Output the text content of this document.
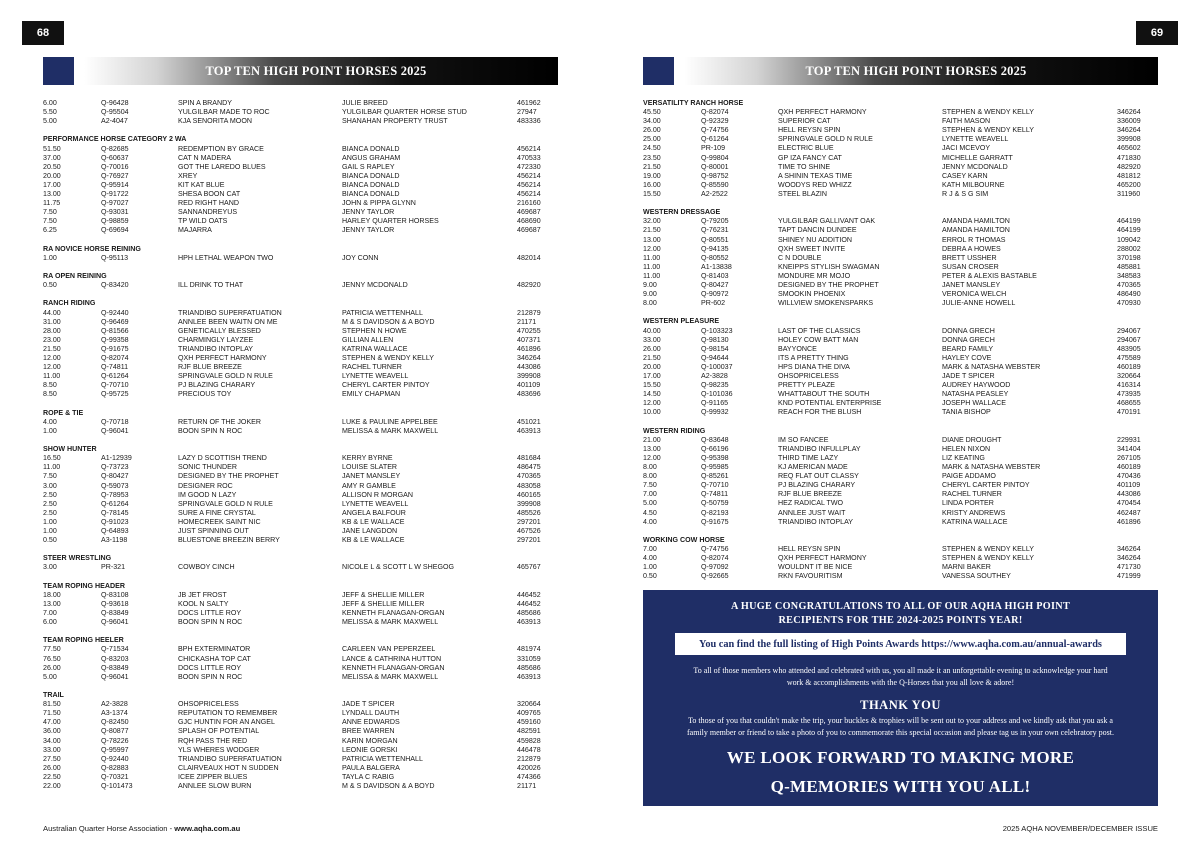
68
TOP TEN HIGH POINT HORSES 2025
6.00	Q-96428	SPIN A BRANDY	JULIE BREED	461962
5.50	Q-95504	YULGILBAR MADE TO ROC	YULGILBAR QUARTER HORSE STUD	27947
5.00	A2-4047	KJA SENORITA MOON	SHANAHAN PROPERTY TRUST	483336
PERFORMANCE HORSE CATEGORY 2 WA
51.50	Q-82685	REDEMPTION BY GRACE	BIANCA DONALD	456214
37.00	Q-60637	CAT N MADERA	ANGUS GRAHAM	470533
20.50	Q-70016	GOT THE LAREDO BLUES	GAIL S RAPLEY	472330
20.00	Q-76927	XREY	BIANCA DONALD	456214
17.00	Q-95914	KIT KAT BLUE	BIANCA DONALD	456214
13.00	Q-91722	SHESA BOON CAT	BIANCA DONALD	456214
11.75	Q-97027	RED RIGHT HAND	JOHN & PIPPA GLYNN	216160
7.50	Q-93031	SANNANDREYUS	JENNY TAYLOR	469687
7.50	Q-98859	TP WILD OATS	HARLEY QUARTER HORSES	468690
6.25	Q-69694	MAJARRA	JENNY TAYLOR	469687
RA NOVICE HORSE REINING
1.00	Q-95113	HPH LETHAL WEAPON TWO	JOY CONN	482014
RA OPEN REINING
0.50	Q-83420	ILL DRINK TO THAT	JENNY MCDONALD	482920
RANCH RIDING
44.00	Q-92440	TRIANDIBO SUPERFATUATION	PATRICIA WETTENHALL	212879
31.00	Q-96469	ANNLEE BEEN WAITN ON ME	M & S DAVIDSON & A BOYD	21171
28.00	Q-81566	GENETICALLY BLESSED	STEPHEN N HOWE	470255
23.00	Q-99358	CHARMINGLY LAYZEE	GILLIAN ALLEN	407371
21.50	Q-91675	TRIANDIBO INTOPLAY	KATRINA WALLACE	461896
12.00	Q-82074	QXH PERFECT HARMONY	STEPHEN & WENDY KELLY	346264
12.00	Q-74811	RJF BLUE BREEZE	RACHEL TURNER	443086
11.00	Q-61264	SPRINGVALE GOLD N RULE	LYNETTE WEAVELL	399908
8.50	Q-70710	PJ BLAZING CHARARY	CHERYL CARTER PINTOY	401109
8.50	Q-95725	PRECIOUS TOY	EMILY CHAPMAN	483696
ROPE & TIE
4.00	Q-70718	RETURN OF THE JOKER	LUKE & PAULINE APPELBEE	451021
1.00	Q-96041	BOON SPIN N ROC	MELISSA & MARK MAXWELL	463913
SHOW HUNTER
16.50	A1-12939	LAZY D SCOTTISH TREND	KERRY BYRNE	481684
11.00	Q-73723	SONIC THUNDER	LOUISE SLATER	486475
7.50	Q-80427	DESIGNED BY THE PROPHET	JANET MANSLEY	470365
3.00	Q-59073	DESIGNER ROC	AMY R GAMBLE	483058
2.50	Q-78953	IM GOOD N LAZY	ALLISON R MORGAN	460165
2.50	Q-61264	SPRINGVALE GOLD N RULE	LYNETTE WEAVELL	399908
2.50	Q-78145	SURE A FINE CRYSTAL	ANGELA BALFOUR	485526
1.00	Q-91023	HOMECREEK SAINT NIC	KB & LE WALLACE	297201
1.00	Q-64893	JUST SPINNING OUT	JANE LANGDON	467526
0.50	A3-1198	BLUESTONE BREEZIN BERRY	KB & LE WALLACE	297201
STEER WRESTLING
3.00	PR-321	COWBOY CINCH	NICOLE L & SCOTT L W SHEGOG	465767
TEAM ROPING HEADER
18.00	Q-83108	JB JET FROST	JEFF & SHELLIE MILLER	446452
13.00	Q-93618	KOOL N SALTY	JEFF & SHELLIE MILLER	446452
7.00	Q-83849	DOCS LITTLE ROY	KENNETH FLANAGAN-ORGAN	485686
6.00	Q-96041	BOON SPIN N ROC	MELISSA & MARK MAXWELL	463913
TEAM ROPING HEELER
77.50	Q-71534	BPH EXTERMINATOR	CARLEEN VAN PEPERZEEL	481974
76.50	Q-83203	CHICKASHA TOP CAT	LANCE & CATHRINA HUTTON	331059
26.00	Q-83849	DOCS LITTLE ROY	KENNETH FLANAGAN-ORGAN	485686
5.00	Q-96041	BOON SPIN N ROC	MELISSA & MARK MAXWELL	463913
TRAIL
81.50	A2-3828	OHSOPRICELESS	JADE T SPICER	320664
71.50	A3-1374	REPUTATION TO REMEMBER	LYNDALL DAUTH	409765
47.00	Q-82450	GJC HUNTIN FOR AN ANGEL	ANNE EDWARDS	459160
36.00	Q-80877	SPLASH OF POTENTIAL	BREE WARREN	482591
34.00	Q-78226	RQH PASS THE RED	KARIN MORGAN	459828
33.00	Q-95997	YLS WHERES WODGER	LEONIE GORSKI	446478
27.50	Q-92440	TRIANDIBO SUPERFATUATION	PATRICIA WETTENHALL	212879
26.00	Q-82883	CLAIRVEAUX HOT N SUDDEN	PAULA BALGERA	420026
22.50	Q-70321	ICEE ZIPPER BLUES	TAYLA C RABIG	474366
22.00	Q-101473	ANNLEE SLOW BURN	M & S DAVIDSON & A BOYD	21171
Australian Quarter Horse Association - www.aqha.com.au
69
TOP TEN HIGH POINT HORSES 2025
VERSATILITY RANCH HORSE
45.50	Q-82074	QXH PERFECT HARMONY	STEPHEN & WENDY KELLY	346264
34.00	Q-92329	SUPERIOR CAT	FAITH MASON	336009
26.00	Q-74756	HELL REYSN SPIN	STEPHEN & WENDY KELLY	346264
25.00	Q-61264	SPRINGVALE GOLD N RULE	LYNETTE WEAVELL	399908
24.50	PR-109	ELECTRIC BLUE	JACI MCEVOY	465602
23.50	Q-99804	GP IZA FANCY CAT	MICHELLE GARRATT	471830
21.50	Q-80001	TIME TO SHINE	JENNY MCDONALD	482920
19.00	Q-98752	A SHININ TEXAS TIME	CASEY KARN	481812
16.00	Q-85590	WOODYS RED WHIZZ	KATH MILBOURNE	465200
15.50	A2-2522	STEEL BLAZIN	R J & S G SIM	311960
WESTERN DRESSAGE
32.00	Q-79205	YULGILBAR GALLIVANT OAK	AMANDA HAMILTON	464199
21.50	Q-76231	TAPT DANCIN DUNDEE	AMANDA HAMILTON	464199
13.00	Q-80551	SHINEY NU ADDITION	ERROL R THOMAS	109042
12.00	Q-94135	QXH SWEET INVITE	DEBRA A HOWES	288002
11.00	Q-80552	C N DOUBLE	BRETT USSHER	370198
11.00	A1-13838	KNEIPPS STYLISH SWAGMAN	SUSAN CROSER	485881
11.00	Q-81403	MONDURE MR MOJO	PETER & ALEXIS BASTABLE	348583
9.00	Q-80427	DESIGNED BY THE PROPHET	JANET MANSLEY	470365
9.00	Q-90972	SMOOKIN PHOENIX	VERONICA WELCH	486490
8.00	PR-602	WILLVIEW SMOKENSPARKS	JULIE-ANNE HOWELL	470930
WESTERN PLEASURE
40.00	Q-103323	LAST OF THE CLASSICS	DONNA GRECH	294067
33.00	Q-98130	HOLEY COW BATT MAN	DONNA GRECH	294067
26.00	Q-98154	BAYYONCE	BEARD FAMILY	483905
21.50	Q-94644	ITS A PRETTY THING	HAYLEY COVE	475589
20.00	Q-100037	HPS DIANA THE DIVA	MARK & NATASHA WEBSTER	460189
17.00	A2-3828	OHSOPRICELESS	JADE T SPICER	320664
15.50	Q-98235	PRETTY PLEAZE	AUDREY HAYWOOD	416314
14.50	Q-101036	WHATTABOUT THE SOUTH	NATASHA PEASLEY	473935
12.00	Q-91165	KND POTENTIAL ENTERPRISE	JOSEPH WALLACE	468655
10.00	Q-99932	REACH FOR THE BLUSH	TANIA BISHOP	470191
WESTERN RIDING
21.00	Q-83648	IM SO FANCEE	DIANE DROUGHT	229931
13.00	Q-66196	TRIANDIBO INFULLPLAY	HELEN NIXON	341404
12.00	Q-95398	THIRD TIME LAZY	LIZ KEATING	267105
8.00	Q-95985	KJ AMERICAN MADE	MARK & NATASHA WEBSTER	460189
8.00	Q-85261	REQ FLAT OUT CLASSY	PAIGE ADDAMO	470436
7.50	Q-70710	PJ BLAZING CHARARY	CHERYL CARTER PINTOY	401109
7.00	Q-74811	RJF BLUE BREEZE	RACHEL TURNER	443086
5.00	Q-50759	HEZ RADICAL TWO	LINDA PORTER	470454
4.50	Q-82193	ANNLEE JUST WAIT	KRISTY ANDREWS	462487
4.00	Q-91675	TRIANDIBO INTOPLAY	KATRINA WALLACE	461896
WORKING COW HORSE
7.00	Q-74756	HELL REYSN SPIN	STEPHEN & WENDY KELLY	346264
4.00	Q-82074	QXH PERFECT HARMONY	STEPHEN & WENDY KELLY	346264
1.00	Q-97092	WOULDNT IT BE NICE	MARNI BAKER	471730
0.50	Q-92665	RKN FAVOURITISM	VANESSA SOUTHEY	471999
A HUGE CONGRATULATIONS TO ALL OF OUR AQHA HIGH POINT
RECIPIENTS FOR THE 2024-2025 POINTS YEAR!
You can find the full listing of High Points Awards https://www.aqha.com.au/annual-awards
To all of those members who attended and celebrated with us, you all made it an unforgettable evening to acknowledge your hard work & accomplishments with the Q-Horses that you all love & adore!
THANK YOU
To those of you that couldn't make the trip, your buckles & trophies will be sent out to your address and we kindly ask that you ask a family member or friend to take a photo of you to commemorate this special occasion and please tag us in your own celebratory post.
WE LOOK FORWARD TO MAKING MORE
Q-MEMORIES WITH YOU ALL!
2025 AQHA NOVEMBER/DECEMBER ISSUE
